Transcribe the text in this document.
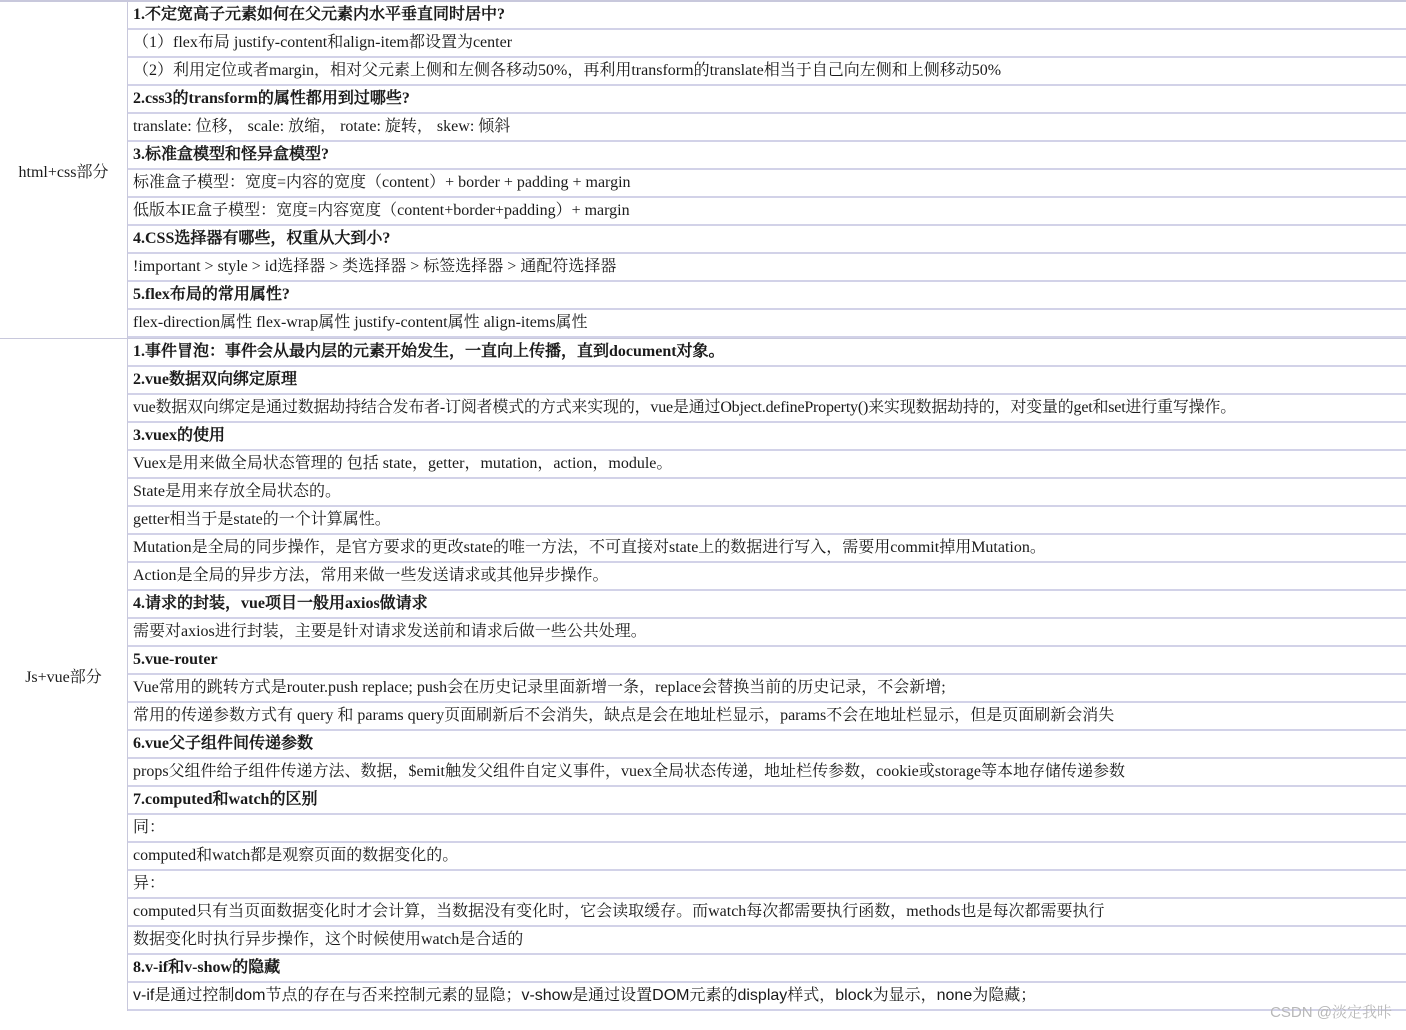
html+css部分
1.不定宽高子元素如何在父元素内水平垂直同时居中?
（1）flex布局 justify-content和align-item都设置为center
（2）利用定位或者margin，相对父元素上侧和左侧各移动50%，再利用transform的translate相当于自己向左侧和上侧移动50%
2.css3的transform的属性都用到过哪些?
translate: 位移， scale: 放缩， rotate: 旋转， skew: 倾斜
3.标准盒模型和怪异盒模型?
标准盒子模型：宽度=内容的宽度（content）+ border + padding + margin
低版本IE盒子模型：宽度=内容宽度（content+border+padding）+ margin
4.CSS选择器有哪些，权重从大到小?
!important > style > id选择器 > 类选择器 > 标签选择器 > 通配符选择器
5.flex布局的常用属性?
flex-direction属性 flex-wrap属性 justify-content属性 align-items属性
Js+vue部分
1.事件冒泡：事件会从最内层的元素开始发生，一直向上传播，直到document对象。
2.vue数据双向绑定原理
vue数据双向绑定是通过数据劫持结合发布者-订阅者模式的方式来实现的，vue是通过Object.defineProperty()来实现数据劫持的，对变量的get和set进行重写操作。
3.vuex的使用
Vuex是用来做全局状态管理的 包括 state，getter，mutation，action，module。
State是用来存放全局状态的。
getter相当于是state的一个计算属性。
Mutation是全局的同步操作，是官方要求的更改state的唯一方法，不可直接对state上的数据进行写入，需要用commit掉用Mutation。
Action是全局的异步方法，常用来做一些发送请求或其他异步操作。
4.请求的封装，vue项目一般用axios做请求
需要对axios进行封装，主要是针对请求发送前和请求后做一些公共处理。
5.vue-router
Vue常用的跳转方式是router.push replace; push会在历史记录里面新增一条，replace会替换当前的历史记录，不会新增;
常用的传递参数方式有 query 和 params query页面刷新后不会消失，缺点是会在地址栏显示，params不会在地址栏显示，但是页面刷新会消失
6.vue父子组件间传递参数
props父组件给子组件传递方法、数据，$emit触发父组件自定义事件，vuex全局状态传递，地址栏传参数，cookie或storage等本地存储传递参数
7.computed和watch的区别
同：
computed和watch都是观察页面的数据变化的。
异：
computed只有当页面数据变化时才会计算，当数据没有变化时，它会读取缓存。而watch每次都需要执行函数，methods也是每次都需要执行
数据变化时执行异步操作，这个时候使用watch是合适的
8.v-if和v-show的隐藏
v-if是通过控制dom节点的存在与否来控制元素的显隐；v-show是通过设置DOM元素的display样式，block为显示，none为隐藏；
CSDN @淡定我咔
